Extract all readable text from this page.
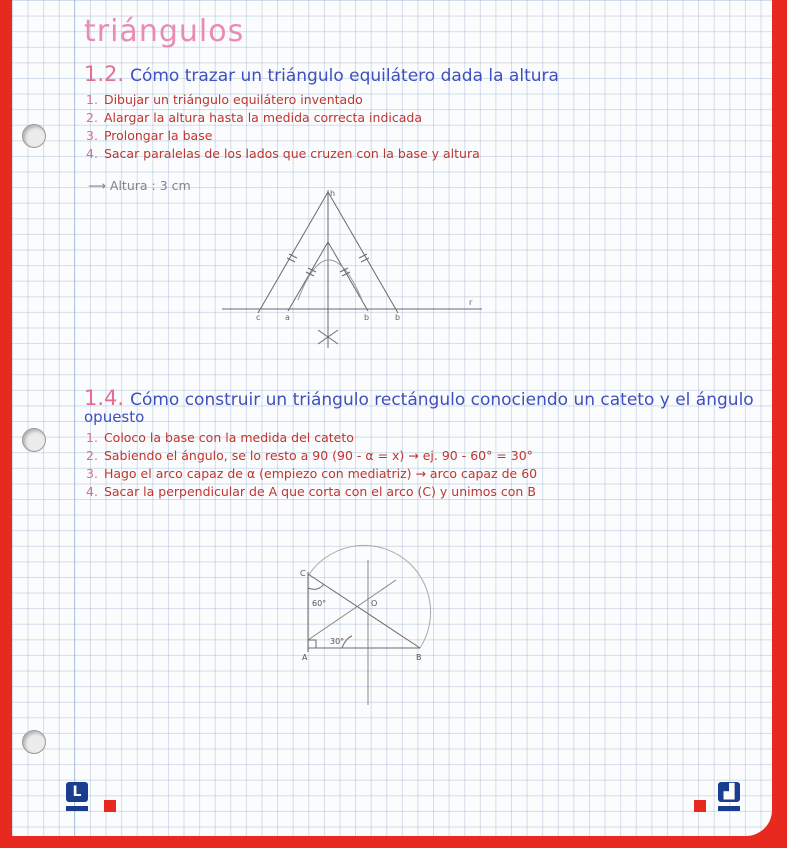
triángulos
1.2. Cómo trazar un triángulo equilátero dada la altura
1. Dibujar un triángulo equilátero inventado
2. Alargar la altura hasta la medida correcta indicada
3. Prolongar la base
4. Sacar paralelas de los lados que cruzen con la base y altura
⟶ Altura : 3 cm
1.4. Cómo construir un triángulo rectángulo conociendo un cateto y el ángulo
opuesto
1. Coloco la base con la medida del cateto
2. Sabiendo el ángulo, se lo resto a 90 (90 - α = x) → ej. 90 - 60° = 30°
3. Hago el arco capaz de α (empiezo con mediatriz) → arco capaz de 60
4. Sacar la perpendicular de A que corta con el arco (C) y unimos con B
h
c	b
a	b
r
C
A	B
O
60°
30°
L	▟
